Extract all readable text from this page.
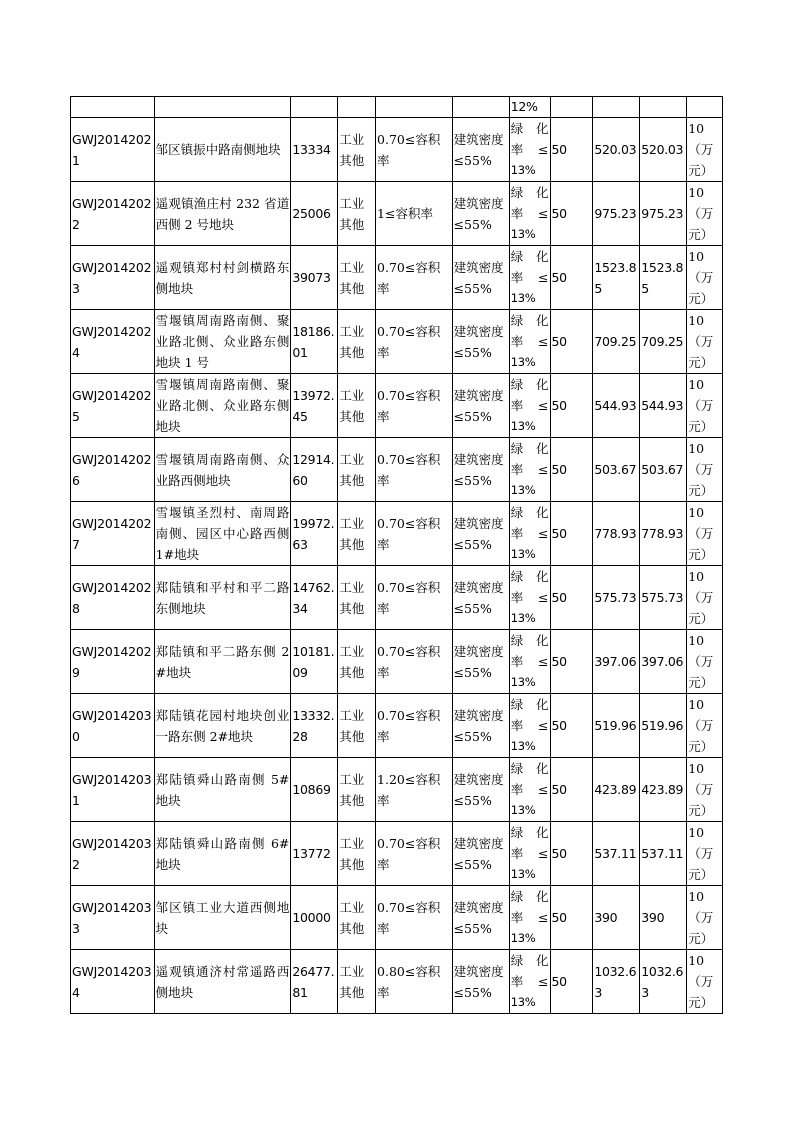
						12%				
GWJ20142021	邹区镇振中路南侧地块	13334	工业其他	0.70≤容积率	建筑密度≤55%	绿 化
率 ≤
13%	50	520.03	520.03	10（万元）
GWJ20142022	遥观镇渔庄村 232 省道西侧 2 号地块	25006	工业其他	1≤容积率	建筑密度≤55%	绿 化
率 ≤
13%	50	975.23	975.23	10（万元）
GWJ20142023	遥观镇郑村村剑横路东侧地块	39073	工业其他	0.70≤容积率	建筑密度≤55%	绿 化
率 ≤
13%	50	1523.85	1523.85	10（万元）
GWJ20142024	雪堰镇周南路南侧、聚业路北侧、众业路东侧地块 1 号	18186.01	工业其他	0.70≤容积率	建筑密度≤55%	绿 化
率 ≤
13%	50	709.25	709.25	10（万元）
GWJ20142025	雪堰镇周南路南侧、聚业路北侧、众业路东侧地块	13972.45	工业其他	0.70≤容积率	建筑密度≤55%	绿 化
率 ≤
13%	50	544.93	544.93	10（万元）
GWJ20142026	雪堰镇周南路南侧、众业路西侧地块	12914.60	工业其他	0.70≤容积率	建筑密度≤55%	绿 化
率 ≤
13%	50	503.67	503.67	10（万元）
GWJ20142027	雪堰镇圣烈村、南周路南侧、园区中心路西侧 1#地块	19972.63	工业其他	0.70≤容积率	建筑密度≤55%	绿 化
率 ≤
13%	50	778.93	778.93	10（万元）
GWJ20142028	郑陆镇和平村和平二路东侧地块	14762.34	工业其他	0.70≤容积率	建筑密度≤55%	绿 化
率 ≤
13%	50	575.73	575.73	10（万元）
GWJ20142029	郑陆镇和平二路东侧 2#地块	10181.09	工业其他	0.70≤容积率	建筑密度≤55%	绿 化
率 ≤
13%	50	397.06	397.06	10（万元）
GWJ20142030	郑陆镇花园村地块创业一路东侧 2#地块	13332.28	工业其他	0.70≤容积率	建筑密度≤55%	绿 化
率 ≤
13%	50	519.96	519.96	10（万元）
GWJ20142031	郑陆镇舜山路南侧 5#地块	10869	工业其他	1.20≤容积率	建筑密度≤55%	绿 化
率 ≤
13%	50	423.89	423.89	10（万元）
GWJ20142032	郑陆镇舜山路南侧 6#地块	13772	工业其他	0.70≤容积率	建筑密度≤55%	绿 化
率 ≤
13%	50	537.11	537.11	10（万元）
GWJ20142033	邹区镇工业大道西侧地块	10000	工业其他	0.70≤容积率	建筑密度≤55%	绿 化
率 ≤
13%	50	390	390	10（万元）
GWJ20142034	遥观镇通济村常遥路西侧地块	26477.81	工业其他	0.80≤容积率	建筑密度≤55%	绿 化
率 ≤
13%	50	1032.63	1032.63	10（万元）
